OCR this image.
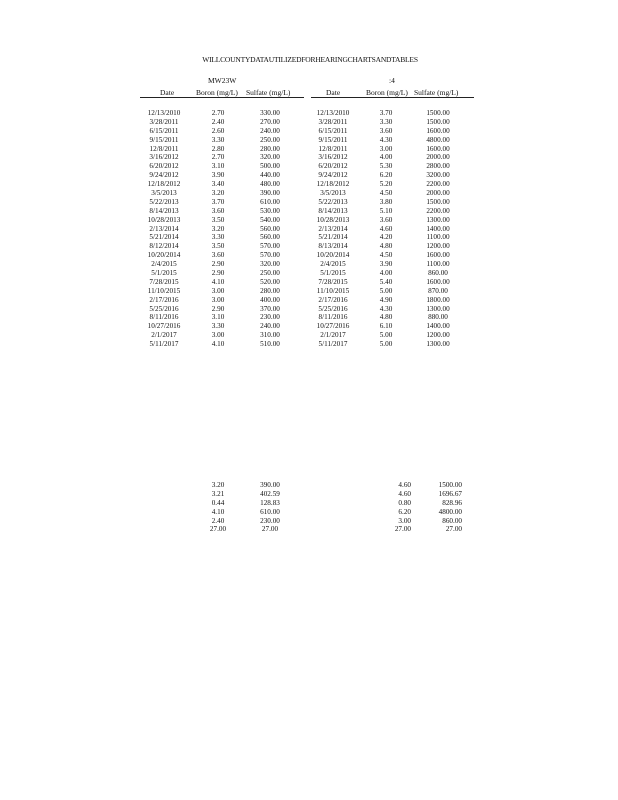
WILLCOUNTYDATAUTILIZEDFORHEARINGCHARTSANDTABLES
MW23W
Date	Boron (mg/L) Sulfate (mg/L)
12/13/2010	2.70	330.00
3/28/2011	2.40	270.00
6/15/2011	2.60	240.00
9/15/2011	3.30	250.00
12/8/2011	2.80	280.00
3/16/2012	2.70	320.00
6/20/2012	3.10	500.00
9/24/2012	3.90	440.00
12/18/2012	3.40	480.00
3/5/2013	3.20	390.00
5/22/2013	3.70	610.00
8/14/2013	3.60	530.00
10/28/2013	3.50	540.00
2/13/2014	3.20	560.00
5/21/2014	3.30	560.00
8/12/2014	3.50	570.00
10/20/2014	3.60	570.00
2/4/2015	2.90	320.00
5/1/2015	2.90	250.00
7/28/2015	4.10	520.00
11/10/2015	3.00	280.00
2/17/2016	3.00	400.00
5/25/2016	2.90	370.00
8/11/2016	3.10	230.00
10/27/2016	3.30	240.00
2/1/2017	3.00	310.00
5/11/2017	4.10	510.00
3.20	390.00
3.21	402.59
0.44	128.83
4.10	610.00
2.40	230.00
27.00	27.00
:4
Date	Boron (mg/L) Sulfate (mg/L)
12/13/2010	3.70	1500.00
3/28/2011	3.30	1500.00
6/15/2011	3.60	1600.00
9/15/2011	4.30	4800.00
12/8/2011	3.00	1600.00
3/16/2012	4.00	2000.00
6/20/2012	5.30	2800.00
9/24/2012	6.20	3200.00
12/18/2012	5.20	2200.00
3/5/2013	4.50	2000.00
5/22/2013	3.80	1500.00
8/14/2013	5.10	2200.00
10/28/2013	3.60	1300.00
2/13/2014	4.60	1400.00
5/21/2014	4.20	1100.00
8/13/2014	4.80	1200.00
10/20/2014	4.50	1600.00
2/4/2015	3.90	1100.00
5/1/2015	4.00	860.00
7/28/2015	5.40	1600.00
11/10/2015	5.00	870.00
2/17/2016	4.90	1800.00
5/25/2016	4.30	1300.00
8/11/2016	4.80	880.00
10/27/2016	6.10	1400.00
2/1/2017	5.00	1200.00
5/11/2017	5.00	1300.00
4.60	1500.00
4.60	1696.67
0.80	828.96
6.20	4800.00
3.00	860.00
27.00	27.00
